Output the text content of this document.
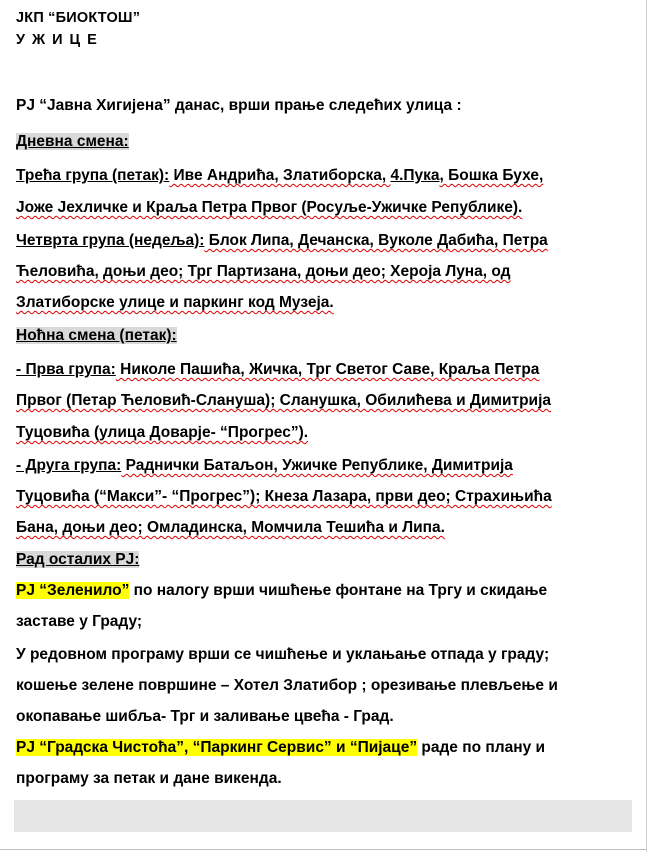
ЈКП “БИОКТОШ”
УЖИЦЕ
РЈ “Јавна Хигијена” данас, врши прање следећих улица :
Дневна смена:
Трећа група (петак): Иве Андрића, Златиборска, 4.Пука, Бошка Бухе,
Јоже Јехличке и Краља Петра Првог (Росуље-Ужичке Републике).
Четврта група (недеља): Блок Липа, Дечанска, Вуколе Дабића, Петра
Ћеловића, доњи део; Трг Партизана, доњи део; Хероја Луна, од
Златиборске улице и паркинг код Музеја.
Ноћна смена (петак):
- Прва група: Николе Пашића, Жичка, Трг Светог Саве, Краља Петра
Првог (Петар Ћеловић-Слануша); Сланушка, Обилићева и Димитрија
Туцовића (улица Доварје- “Прогрес”).
- Друга група: Раднички Батаљон, Ужичке Републике, Димитрија
Туцовића (“Макси”- “Прогрес”); Кнеза Лазара, први део; Страхињића
Бана, доњи део; Омладинска, Момчила Тешића и Липа.
Рад осталих РЈ:
РЈ “Зеленило” по налогу врши чишћење фонтане на Тргу и скидање
заставе у Граду;
У редовном програму врши се чишћење и уклањање отпада у граду;
кошење зелене површине – Хотел Златибор ; орезивање плевљење и
окопавање шибља- Трг и заливање цвећа - Град.
РЈ “Градска Чистоћа”, “Паркинг Сервис” и “Пијаце” раде по плану и
програму за петак и дане викенда.
